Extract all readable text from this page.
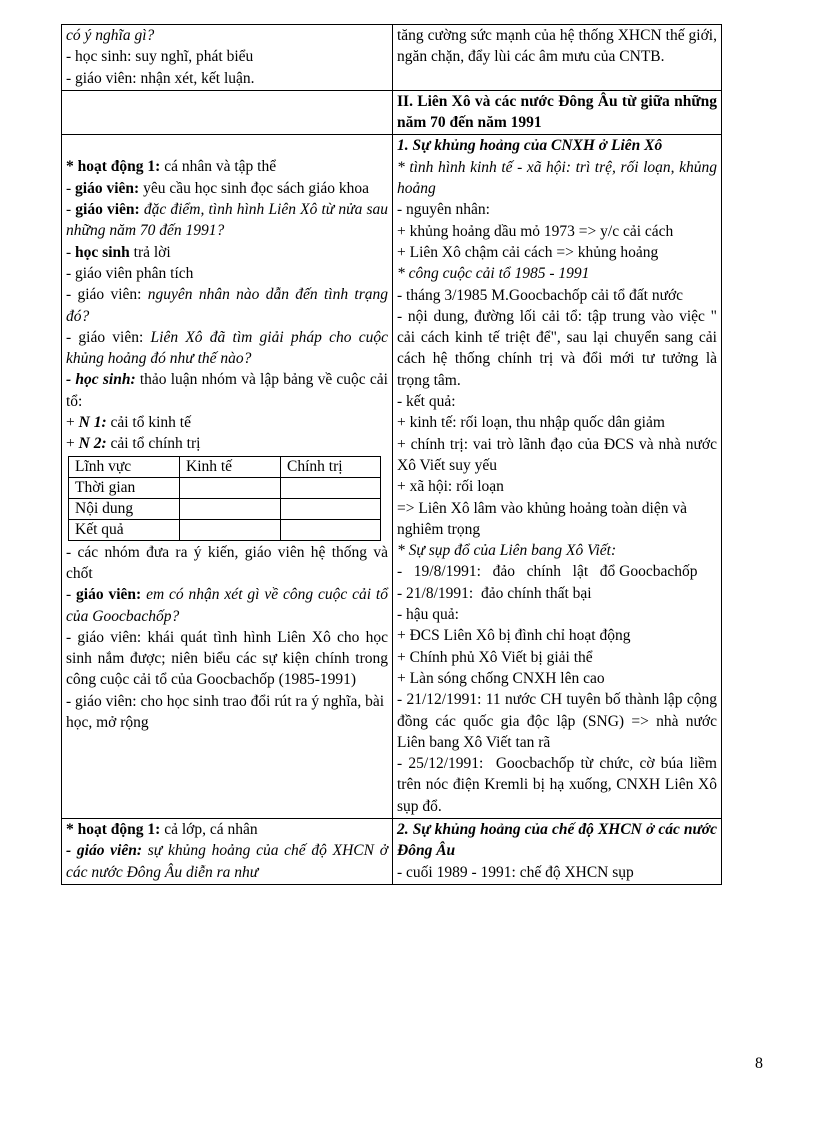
có ý nghĩa gì?
- học sinh: suy nghĩ, phát biểu
- giáo viên: nhận xét, kết luận.
	tăng cường sức mạnh của hệ thống XHCN thế giới, ngăn chặn, đẩy lùi các âm mưu của CNTB.
	II. Liên Xô và các nước Đông Âu từ giữa những năm 70 đến năm 1991

* hoạt động 1: cá nhân và tập thể
- giáo viên: yêu cầu học sinh đọc sách giáo khoa
- giáo viên: đặc điểm, tình hình Liên Xô từ nửa sau những năm 70 đến 1991?
- học sinh trả lời
- giáo viên phân tích
- giáo viên: nguyên nhân nào dẫn đến tình trạng đó?
- giáo viên: Liên Xô đã tìm giải pháp cho cuộc khủng hoảng đó như thế nào?
- học sinh: thảo luận nhóm và lập bảng về cuộc cải tổ:
+ N 1: cải tổ kinh tế
+ N 2: cải tổ chính trị
Lĩnh vực	Kinh tế	Chính trị
Thời gian		
Nội dung		
Kết quả		
- các nhóm đưa ra ý kiến, giáo viên hệ thống và chốt
- giáo viên: em có nhận xét gì về công cuộc cải tổ của Goocbachốp?
- giáo viên: khái quát tình hình Liên Xô cho học sinh nắm được; niên biểu các sự kiện chính trong công cuộc cải tổ của Goocbachốp (1985-1991)
- giáo viên: cho học sinh trao đổi rút ra ý nghĩa, bài học, mở rộng

1. Sự khủng hoảng của CNXH ở Liên Xô
* tình hình kinh tế - xã hội: trì trệ, rối loạn, khủng hoảng
- nguyên nhân:
+ khủng hoảng dầu mỏ 1973 => y/c cải cách
+ Liên Xô chậm cải cách => khủng hoảng
* công cuộc cải tổ 1985 - 1991
- tháng 3/1985 M.Goocbachốp cải tổ đất nước
- nội dung, đường lối cải tổ: tập trung vào việc " cải cách kinh tế triệt để", sau lại chuyển sang cải cách hệ thống chính trị và đổi mới tư tưởng là trọng tâm.
- kết quả:
+ kinh tế: rối loạn, thu nhập quốc dân giảm
+ chính trị: vai trò lãnh đạo của ĐCS và nhà nước Xô Viết suy yếu
+ xã hội: rối loạn
=> Liên Xô lâm vào khủng hoảng toàn diện và nghiêm trọng
* Sự sụp đổ của Liên bang Xô Viết:
-   19/8/1991:   đảo   chính   lật   đổ Goocbachốp
- 21/8/1991:  đảo chính thất bại
- hậu quả:
+ ĐCS Liên Xô bị đình chỉ hoạt động
+ Chính phủ Xô Viết bị giải thể
+ Làn sóng chống CNXH lên cao
- 21/12/1991: 11 nước CH tuyên bố thành lập cộng đồng các quốc gia độc lập (SNG) => nhà nước Liên bang Xô Viết tan rã
- 25/12/1991:  Goocbachốp từ chức, cờ búa liềm trên nóc điện Kremli bị hạ xuống, CNXH Liên Xô sụp đổ.

* hoạt động 1: cả lớp, cá nhân
- giáo viên: sự khủng hoảng của chế độ XHCN ở các nước Đông Âu diễn ra như

2. Sự khủng hoảng của chế độ XHCN ở các nước Đông Âu
- cuối 1989 - 1991: chế độ XHCN sụp
8
